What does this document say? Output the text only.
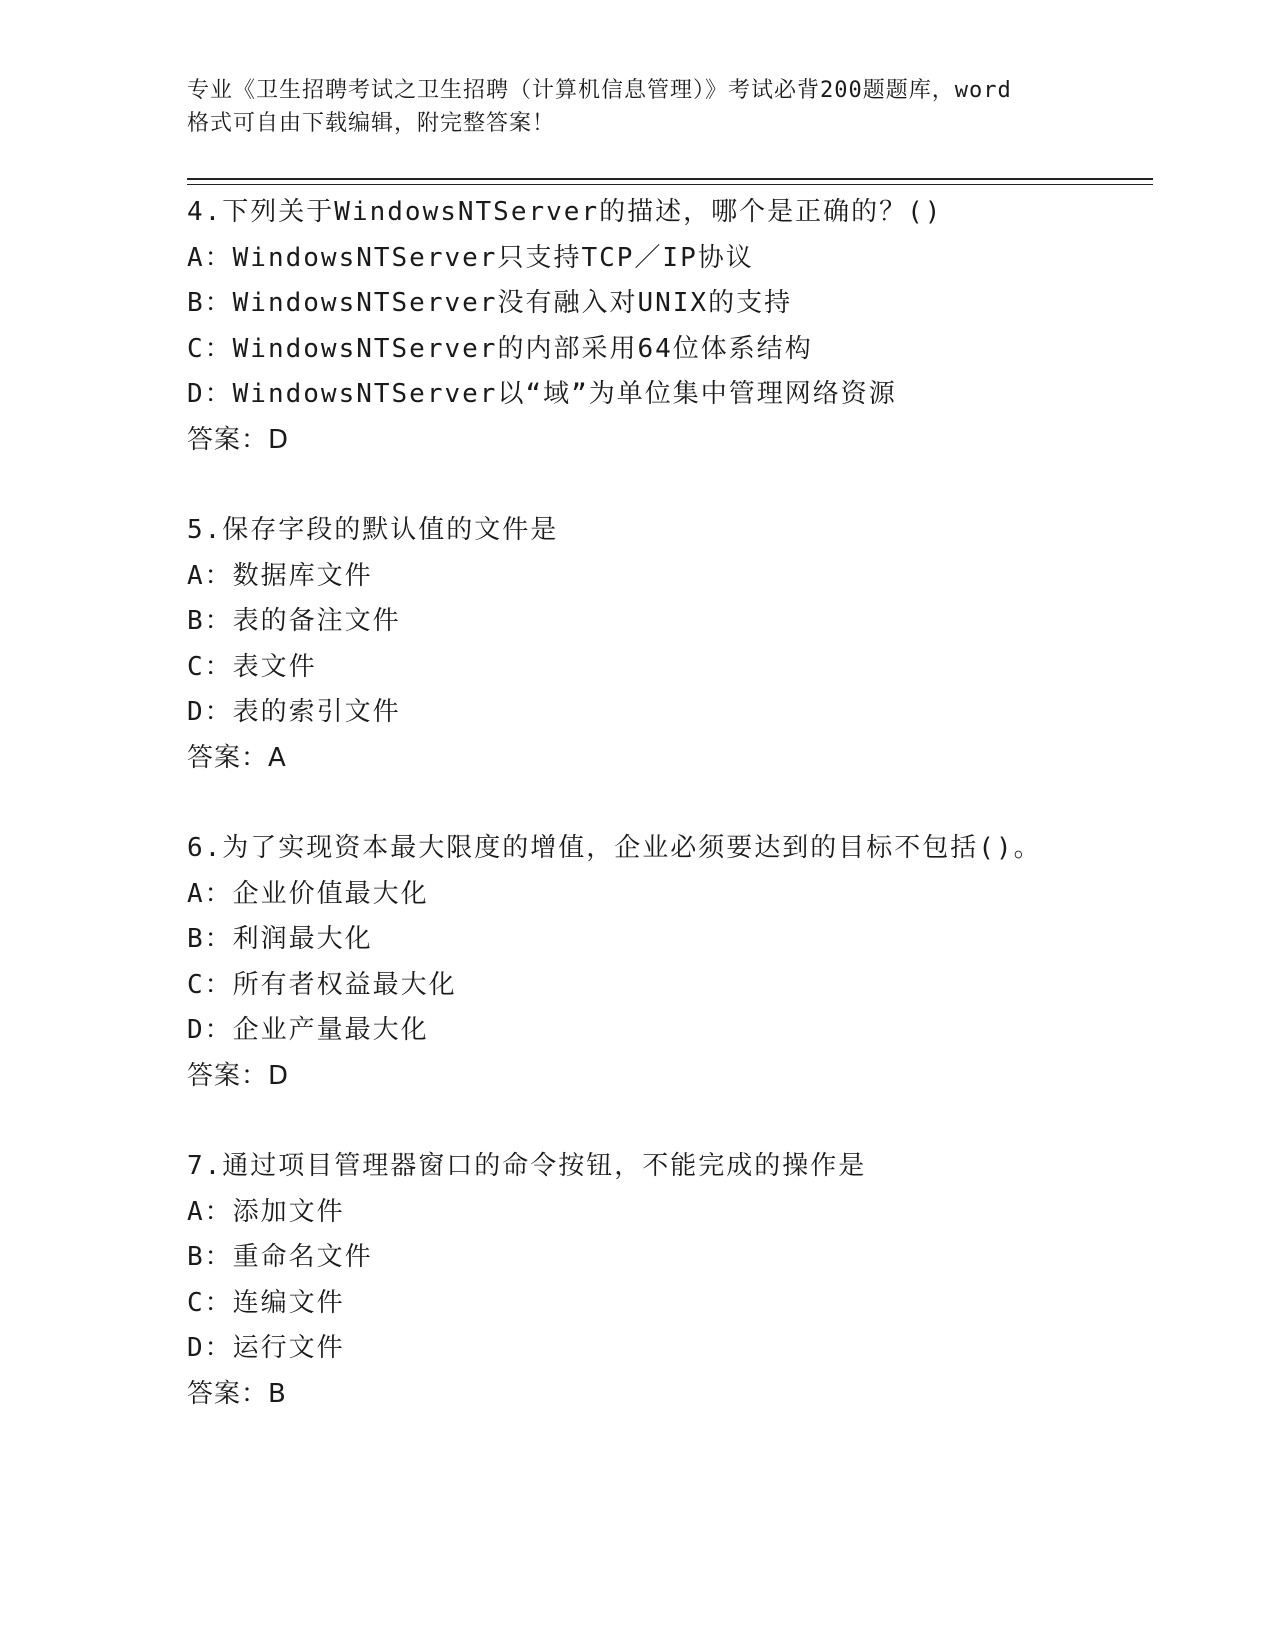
专业《卫生招聘考试之卫生招聘（计算机信息管理）》考试必背200题题库，word
格式可自由下载编辑，附完整答案！
4.下列关于WindowsNTServer的描述，哪个是正确的？()
A：WindowsNTServer只支持TCP／IP协议
B：WindowsNTServer没有融入对UNIX的支持
C：WindowsNTServer的内部采用64位体系结构
D：WindowsNTServer以“域”为单位集中管理网络资源
答案：D
5.保存字段的默认值的文件是
A：数据库文件
B：表的备注文件
C：表文件
D：表的索引文件
答案：A
6.为了实现资本最大限度的增值，企业必须要达到的目标不包括()。
A：企业价值最大化
B：利润最大化
C：所有者权益最大化
D：企业产量最大化
答案：D
7.通过项目管理器窗口的命令按钮，不能完成的操作是
A：添加文件
B：重命名文件
C：连编文件
D：运行文件
答案：B
